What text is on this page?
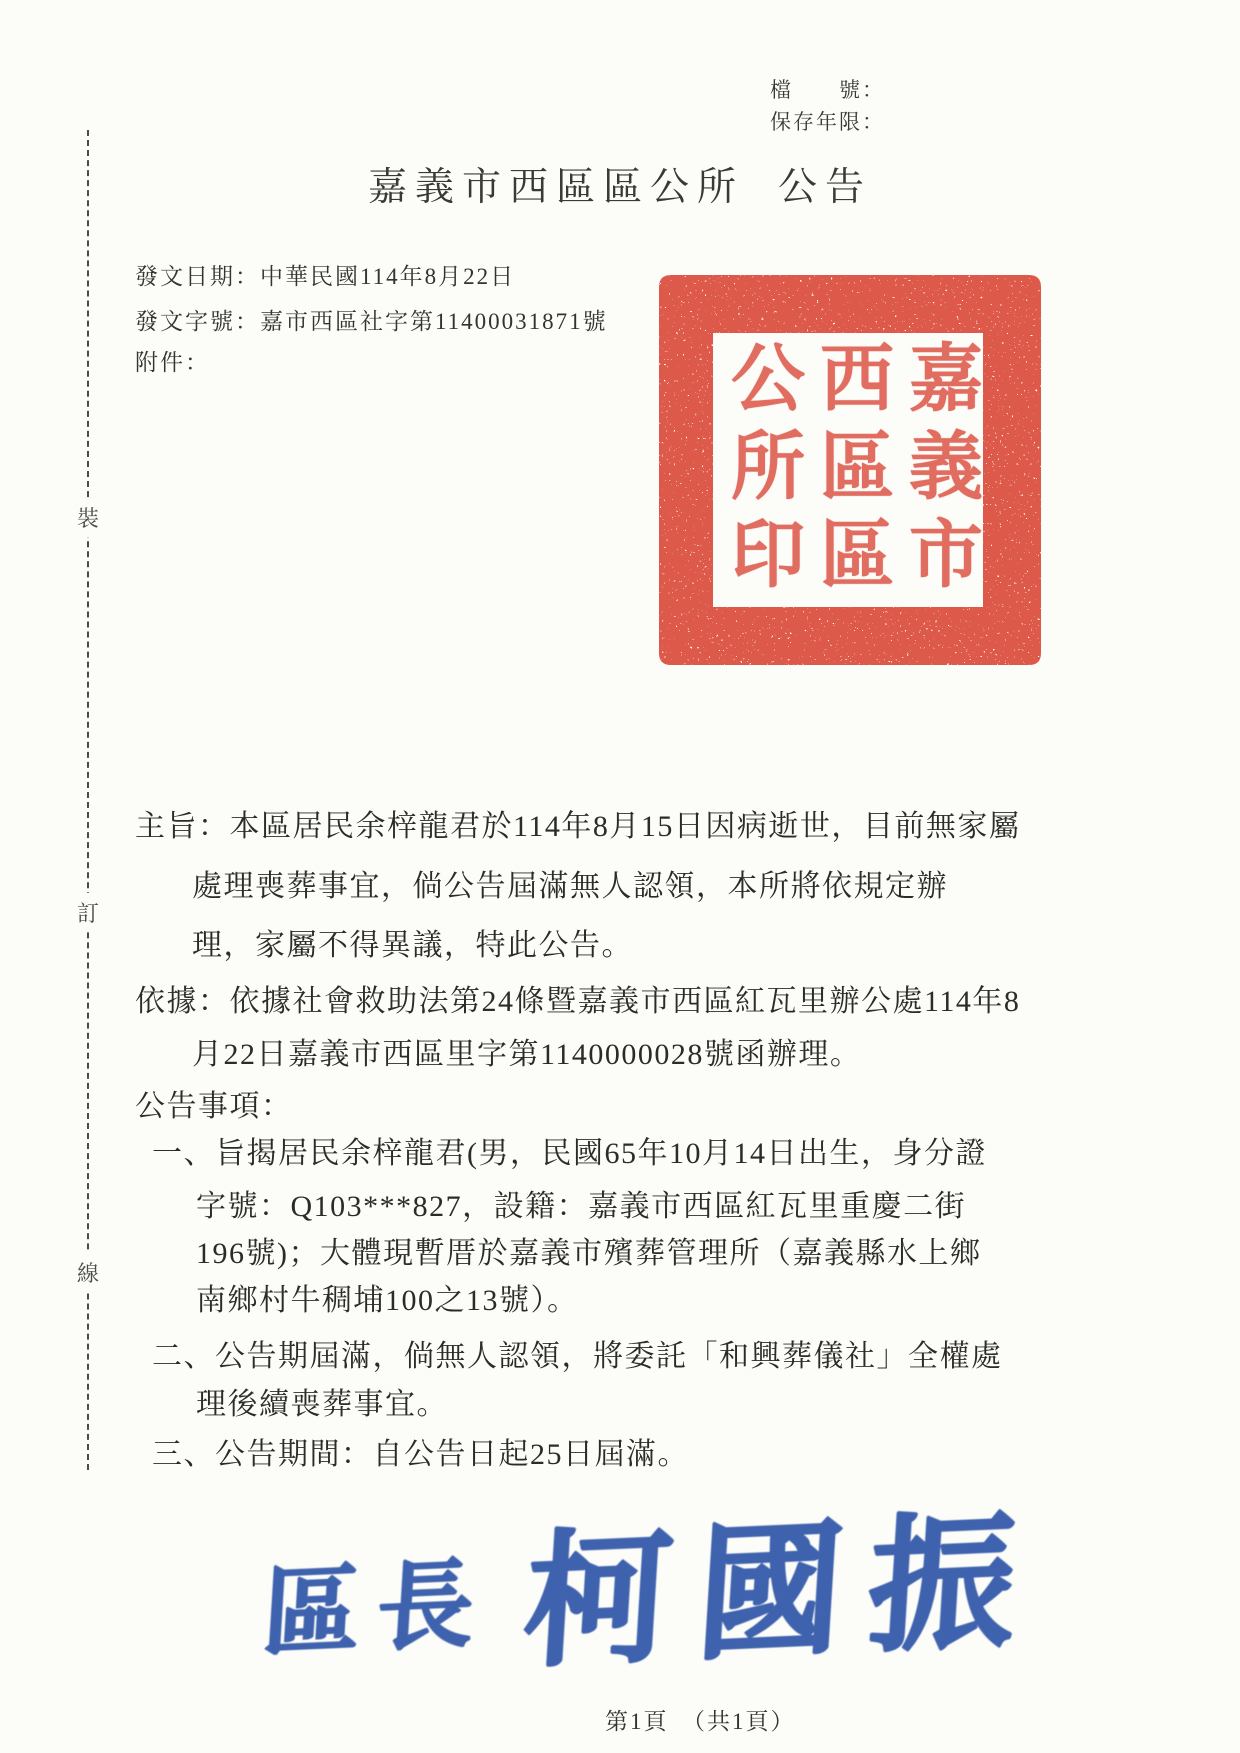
檔　　號：
保存年限：
嘉義市西區區公所 公告
發文日期：中華民國114年8月22日
發文字號：嘉市西區社字第11400031871號
附件：
裝
訂
線
嘉義市
西區區
公所印
主旨：本區居民余梓龍君於114年8月15日因病逝世，目前無家屬
處理喪葬事宜，倘公告屆滿無人認領，本所將依規定辦
理，家屬不得異議，特此公告。
依據：依據社會救助法第24條暨嘉義市西區紅瓦里辦公處114年8
月22日嘉義市西區里字第1140000028號函辦理。
公告事項：
一、旨揭居民余梓龍君(男，民國65年10月14日出生，身分證
字號：Q103***827，設籍：嘉義市西區紅瓦里重慶二街
196號)；大體現暫厝於嘉義市殯葬管理所（嘉義縣水上鄉
南鄉村牛稠埔100之13號）。
二、公告期屆滿，倘無人認領，將委託「和興葬儀社」全權處
理後續喪葬事宜。
三、公告期間：自公告日起25日屆滿。
區長 柯國振
第1頁　（共1頁）
